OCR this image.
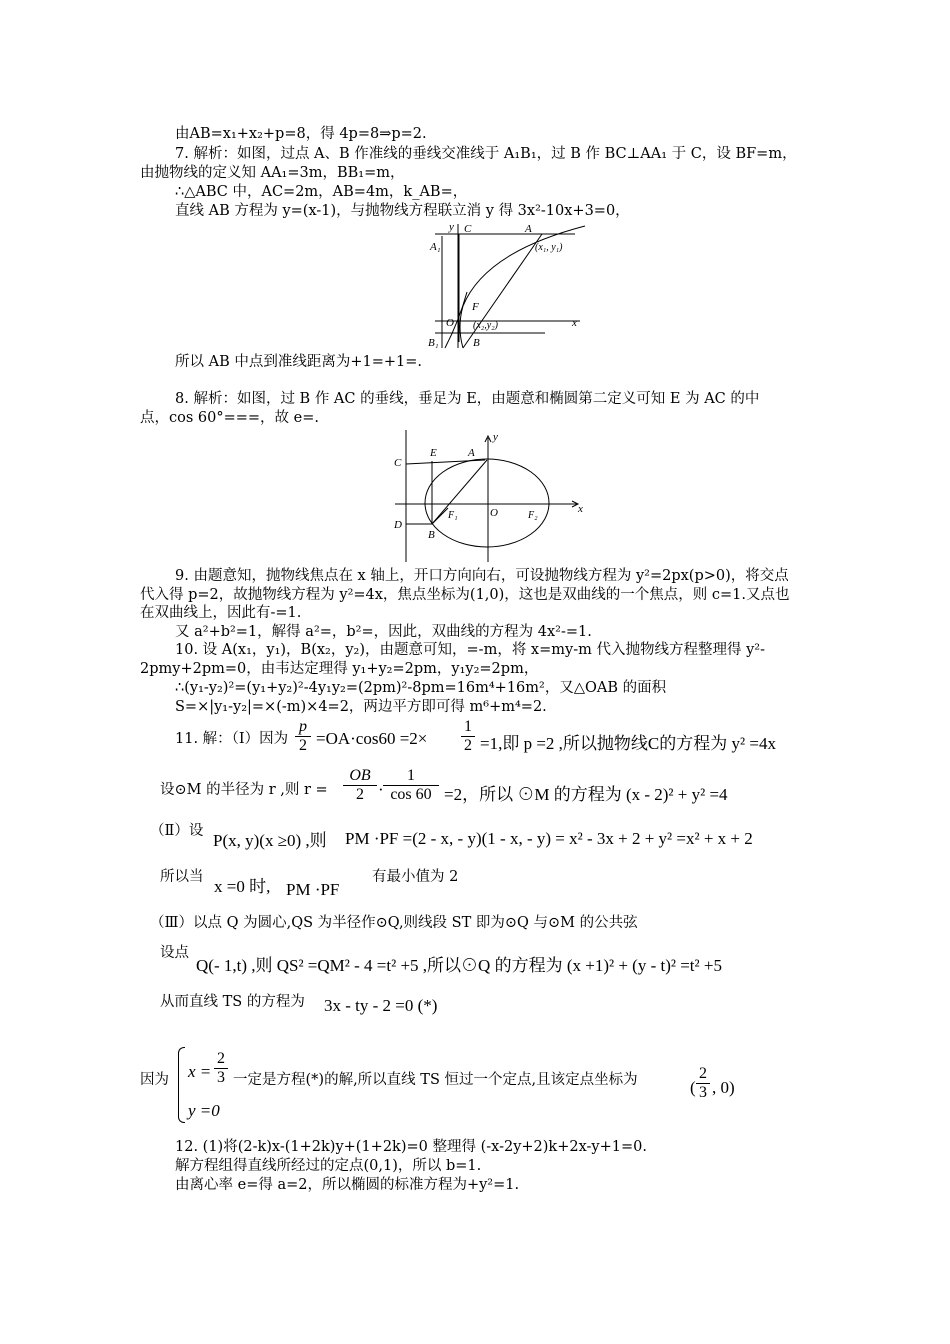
由AB=x₁+x₂+p=8，得 4p=8⇒p=2.
7. 解析：如图，过点 A、B 作准线的垂线交准线于 A₁B₁，过 B 作 BC⊥AA₁ 于 C，设 BF=m，
由抛物线的定义知 AA₁=3m，BB₁=m，
∴△ABC 中，AC=2m，AB=4m，k_AB=，
直线 AB 方程为 y=(x-1)，与抛物线方程联立消 y 得 3x²-10x+3=0，
y
A₁
C	A
(x₁, y₁)
F
O	x
(x₂,y₂)
B₁	B
所以 AB 中点到准线距离为+1=+1=.
8. 解析：如图，过 B 作 AC 的垂线，垂足为 E，由题意和椭圆第二定义可知 E 为 AC 的中
点，cos 60°===，故 e=.
y
C
E	A
F₁	O	F₂
x
D
B
9. 由题意知，抛物线焦点在 x 轴上，开口方向向右，可设抛物线方程为 y²=2px(p>0)，将交点
代入得 p=2，故抛物线方程为 y²=4x，焦点坐标为(1,0)，这也是双曲线的一个焦点，则 c=1.又点也
在双曲线上，因此有-=1.
又 a²+b²=1，解得 a²=，b²=，因此，双曲线的方程为 4x²-=1.
10. 设 A(x₁，y₁)，B(x₂，y₂)，由题意可知，=-m，将 x=my-m 代入抛物线方程整理得 y²-
2pmy+2pm=0，由韦达定理得 y₁+y₂=2pm，y₁y₂=2pm，
∴(y₁-y₂)²=(y₁+y₂)²-4y₁y₂=(2pm)²-8pm=16m⁴+16m²，又△OAB 的面积
S=×|y₁-y₂|=×(-m)×4=2，两边平方即可得 m⁶+m⁴=2.
11. 解：（Ⅰ）因为 $\frac{p}{2} =OA\cdot\cos 60 =2\times \frac{1}{2} =1$,即 p =2 ,所以抛物线C的方程为 y² =4x
设⊙M 的半径为 r ,则 $r = \frac{OB}{2} \cdot \frac{1}{\cos 60} =2$，所以 ⊙M 的方程为 (x - 2)² + y² =4
（Ⅱ）设 P(x, y)(x ≥0) ,则 PM ·PF =(2 - x, - y)(1 - x, - y) = x² - 3x + 2 + y² =x² + x + 2
所以当 x =0 时, PM ·PF
有最小值为 2
（Ⅲ）以点 Q 为圆心,QS 为半径作⊙Q,则线段 ST 即为⊙Q 与⊙M 的公共弦
设点
Q(- 1,t) ,则 QS² =QM² - 4 =t² +5 ,所以⊙Q 的方程为 (x +1)² + (y - t)² =t² +5
从而直线 TS 的方程为 3x - ty - 2 =0 (*)
因为 $x = \frac{2}{3}$
y =0
一定是方程(*)的解,所以直线 TS 恒过一个定点,且该定点坐标为	( $\frac{2}{3}$ , 0)
12. (1)将(2-k)x-(1+2k)y+(1+2k)=0 整理得 (-x-2y+2)k+2x-y+1=0.
解方程组得直线所经过的定点(0,1)，所以 b=1.
由离心率 e=得 a=2，所以椭圆的标准方程为+y²=1.
